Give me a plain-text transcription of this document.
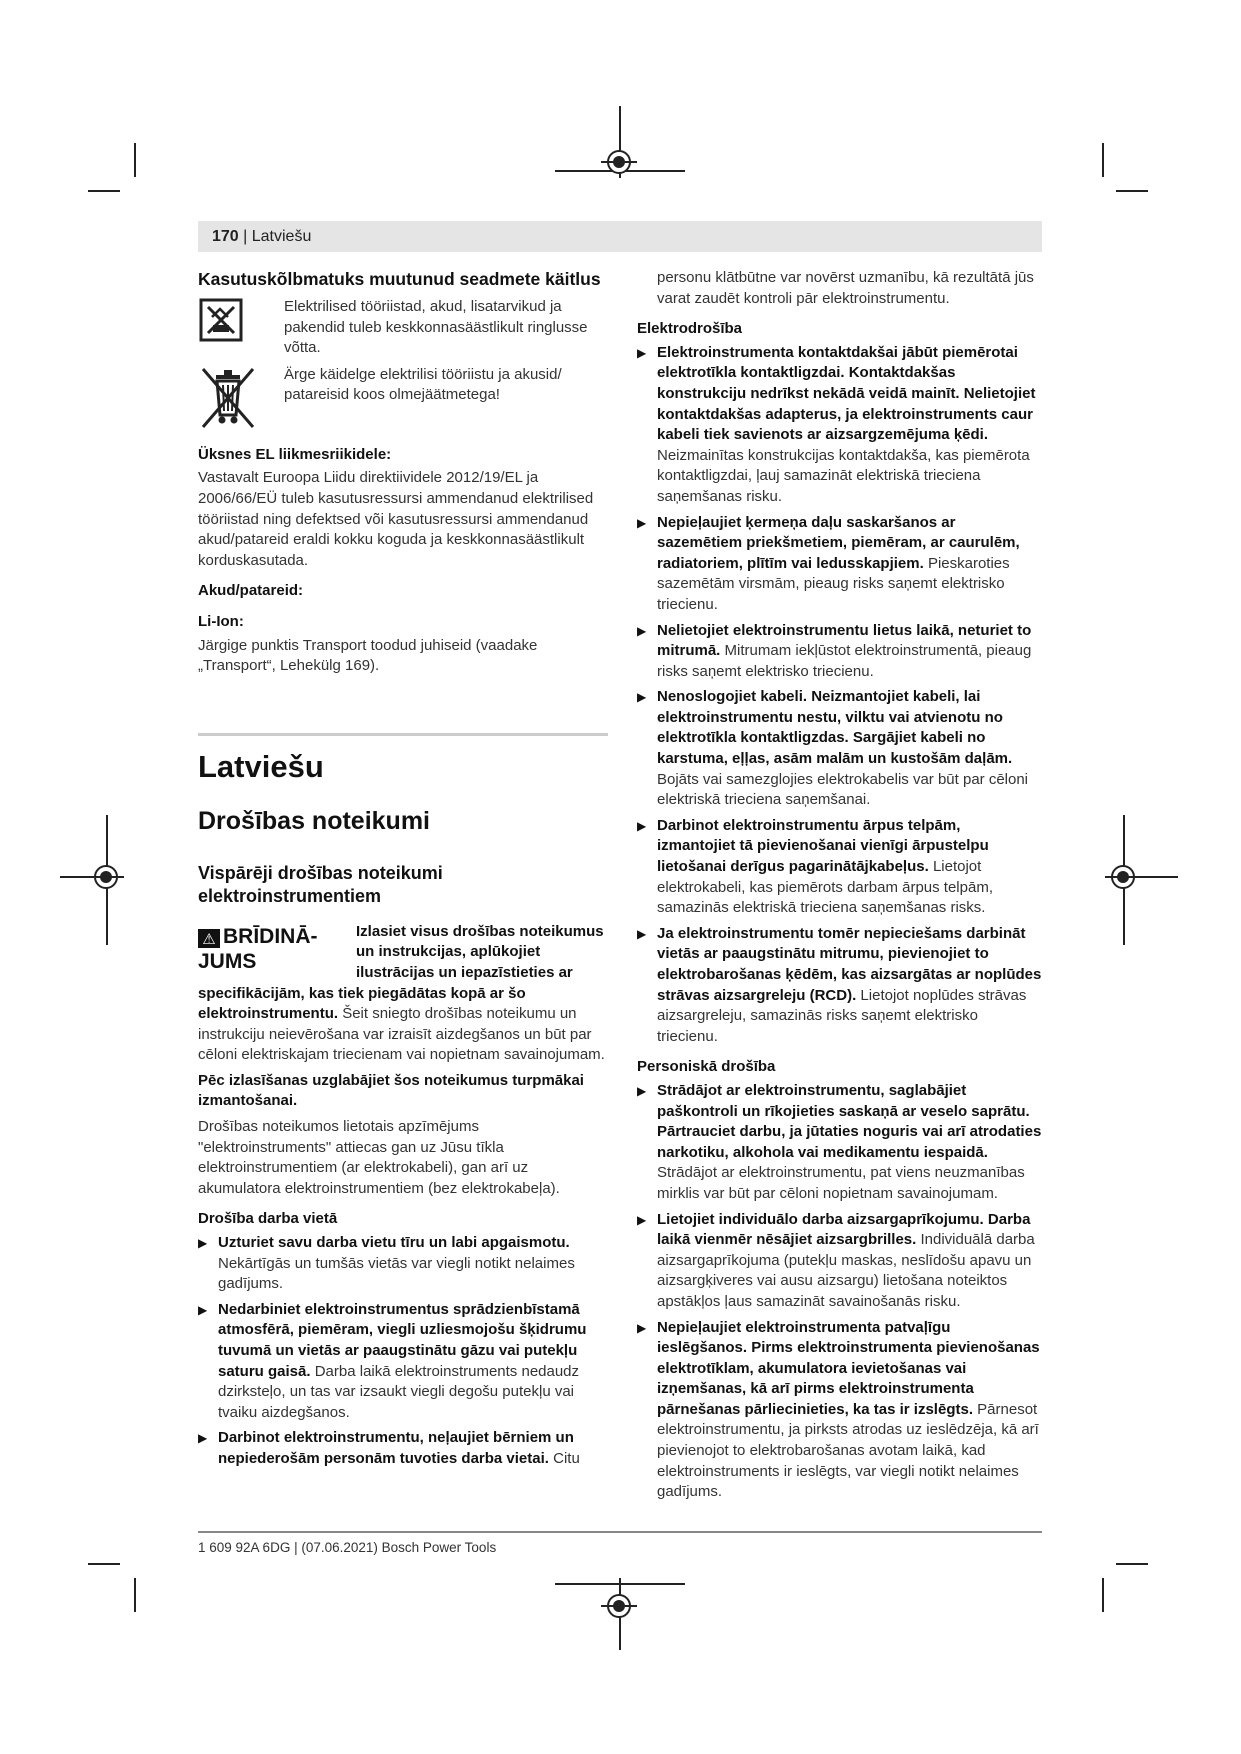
170 | Latviešu
Kasutuskõlbmatuks muutunud seadmete käitlus
Elektrilised tööriistad, akud, lisatarvikud ja pakendid tuleb keskkonnasäästlikult ringlusse võtta.
Ärge käidelge elektrilisi tööriistu ja akusid/ patareisid koos olmejäätmetega!
Üksnes EL liikmesriikidele:

Vastavalt Euroopa Liidu direktiividele 2012/19/EL ja 2006/66/EÜ tuleb kasutusressursi ammendanud elektrilised tööriistad ning defektsed või kasutusressursi ammendanud akud/patareid eraldi kokku koguda ja keskkonnasäästlikult korduskasutada.

Akud/patareid:
Li-Ion:

Järgige punktis Transport toodud juhiseid (vaadake „Transport“, Lehekülg 169).

Latviešu
Drošības noteikumi
Vispārēji drošības noteikumi elektroinstrumentiem
⚠ BRĪDINĀ-JUMS

Izlasiet visus drošības noteikumus un instrukcijas, aplūkojiet ilustrācijas un iepazīstieties ar specifikācijām, kas tiek piegādātas kopā ar šo elektroinstrumentu. Šeit sniegto drošības noteikumu un instrukciju neievērošana var izraisīt aizdegšanos un būt par cēloni elektriskajam triecienam vai nopietnam savainojumam.

Pēc izlasīšanas uzglabājiet šos noteikumus turpmākai izmantošanai.

Drošības noteikumos lietotais apzīmējums "elektroinstruments" attiecas gan uz Jūsu tīkla elektroinstrumentiem (ar elektrokabeli), gan arī uz akumulatora elektroinstrumentiem (bez elektrokabeļa).

Drošība darba vietā
▶ Uzturiet savu darba vietu tīru un labi apgaismotu. Nekārtīgās un tumšās vietās var viegli notikt nelaimes gadījums.
▶ Nedarbiniet elektroinstrumentus sprādzienbīstamā atmosfērā, piemēram, viegli uzliesmojošu šķidrumu tuvumā un vietās ar paaugstinātu gāzu vai putekļu saturu gaisā. Darba laikā elektroinstruments nedaudz dzirksteļo, un tas var izsaukt viegli degošu putekļu vai tvaiku aizdegšanos.
▶ Darbinot elektroinstrumentu, neļaujiet bērniem un nepiederošām personām tuvoties darba vietai. Citu

personu klātbūtne var novērst uzmanību, kā rezultātā jūs varat zaudēt kontroli pār elektroinstrumentu.

Elektrodrošība
▶ Elektroinstrumenta kontaktdakšai jābūt piemērotai elektrotīkla kontaktligzdai. Kontaktdakšas konstrukciju nedrīkst nekādā veidā mainīt. Nelietojiet kontaktdakšas adapterus, ja elektroinstruments caur kabeli tiek savienots ar aizsargzemējuma ķēdi. Neizmainītas konstrukcijas kontaktdakša, kas piemērota kontaktligzdai, ļauj samazināt elektriskā trieciena saņemšanas risku.
▶ Nepieļaujiet ķermeņa daļu saskaršanos ar sazemētiem priekšmetiem, piemēram, ar caurulēm, radiatoriem, plītīm vai ledusskapjiem. Pieskaroties sazemētām virsmām, pieaug risks saņemt elektrisko triecienu.
▶ Nelietojiet elektroinstrumentu lietus laikā, neturiet to mitrumā. Mitrumam iekļūstot elektroinstrumentā, pieaug risks saņemt elektrisko triecienu.
▶ Nenoslogojiet kabeli. Neizmantojiet kabeli, lai elektroinstrumentu nestu, vilktu vai atvienotu no elektrotīkla kontaktligzdas. Sargājiet kabeli no karstuma, eļļas, asām malām un kustošām daļām. Bojāts vai samezglojies elektrokabelis var būt par cēloni elektriskā trieciena saņemšanai.
▶ Darbinot elektroinstrumentu ārpus telpām, izmantojiet tā pievienošanai vienīgi ārpustelpu lietošanai derīgus pagarinātājkabeļus. Lietojot elektrokabeli, kas piemērots darbam ārpus telpām, samazinās elektriskā trieciena saņemšanas risks.
▶ Ja elektroinstrumentu tomēr nepieciešams darbināt vietās ar paaugstinātu mitrumu, pievienojiet to elektrobarošanas ķēdēm, kas aizsargātas ar noplūdes strāvas aizsargreleju (RCD). Lietojot noplūdes strāvas aizsargreleju, samazinās risks saņemt elektrisko triecienu.
Personiskā drošība
▶ Strādājot ar elektroinstrumentu, saglabājiet paškontroli un rīkojieties saskaņā ar veselo saprātu. Pārtrauciet darbu, ja jūtaties noguris vai arī atrodaties narkotiku, alkohola vai medikamentu iespaidā. Strādājot ar elektroinstrumentu, pat viens neuzmanības mirklis var būt par cēloni nopietnam savainojumam.
▶ Lietojiet individuālo darba aizsargaprīkojumu. Darba laikā vienmēr nēsājiet aizsargbrilles. Individuālā darba aizsargaprīkojuma (putekļu maskas, neslīdošu apavu un aizsargķiveres vai ausu aizsargu) lietošana noteiktos apstākļos ļaus samazināt savainošanās risku.
▶ Nepieļaujiet elektroinstrumenta patvaļīgu ieslēgšanos. Pirms elektroinstrumenta pievienošanas elektrotīklam, akumulatora ievietošanas vai izņemšanas, kā arī pirms elektroinstrumenta pārnešanas pārliecinieties, ka tas ir izslēgts. Pārnesot elektroinstrumentu, ja pirksts atrodas uz ieslēdzēja, kā arī pievienojot to elektrobarošanas avotam laikā, kad elektroinstruments ir ieslēgts, var viegli notikt nelaimes gadījums.
1 609 92A 6DG | (07.06.2021) Bosch Power Tools
